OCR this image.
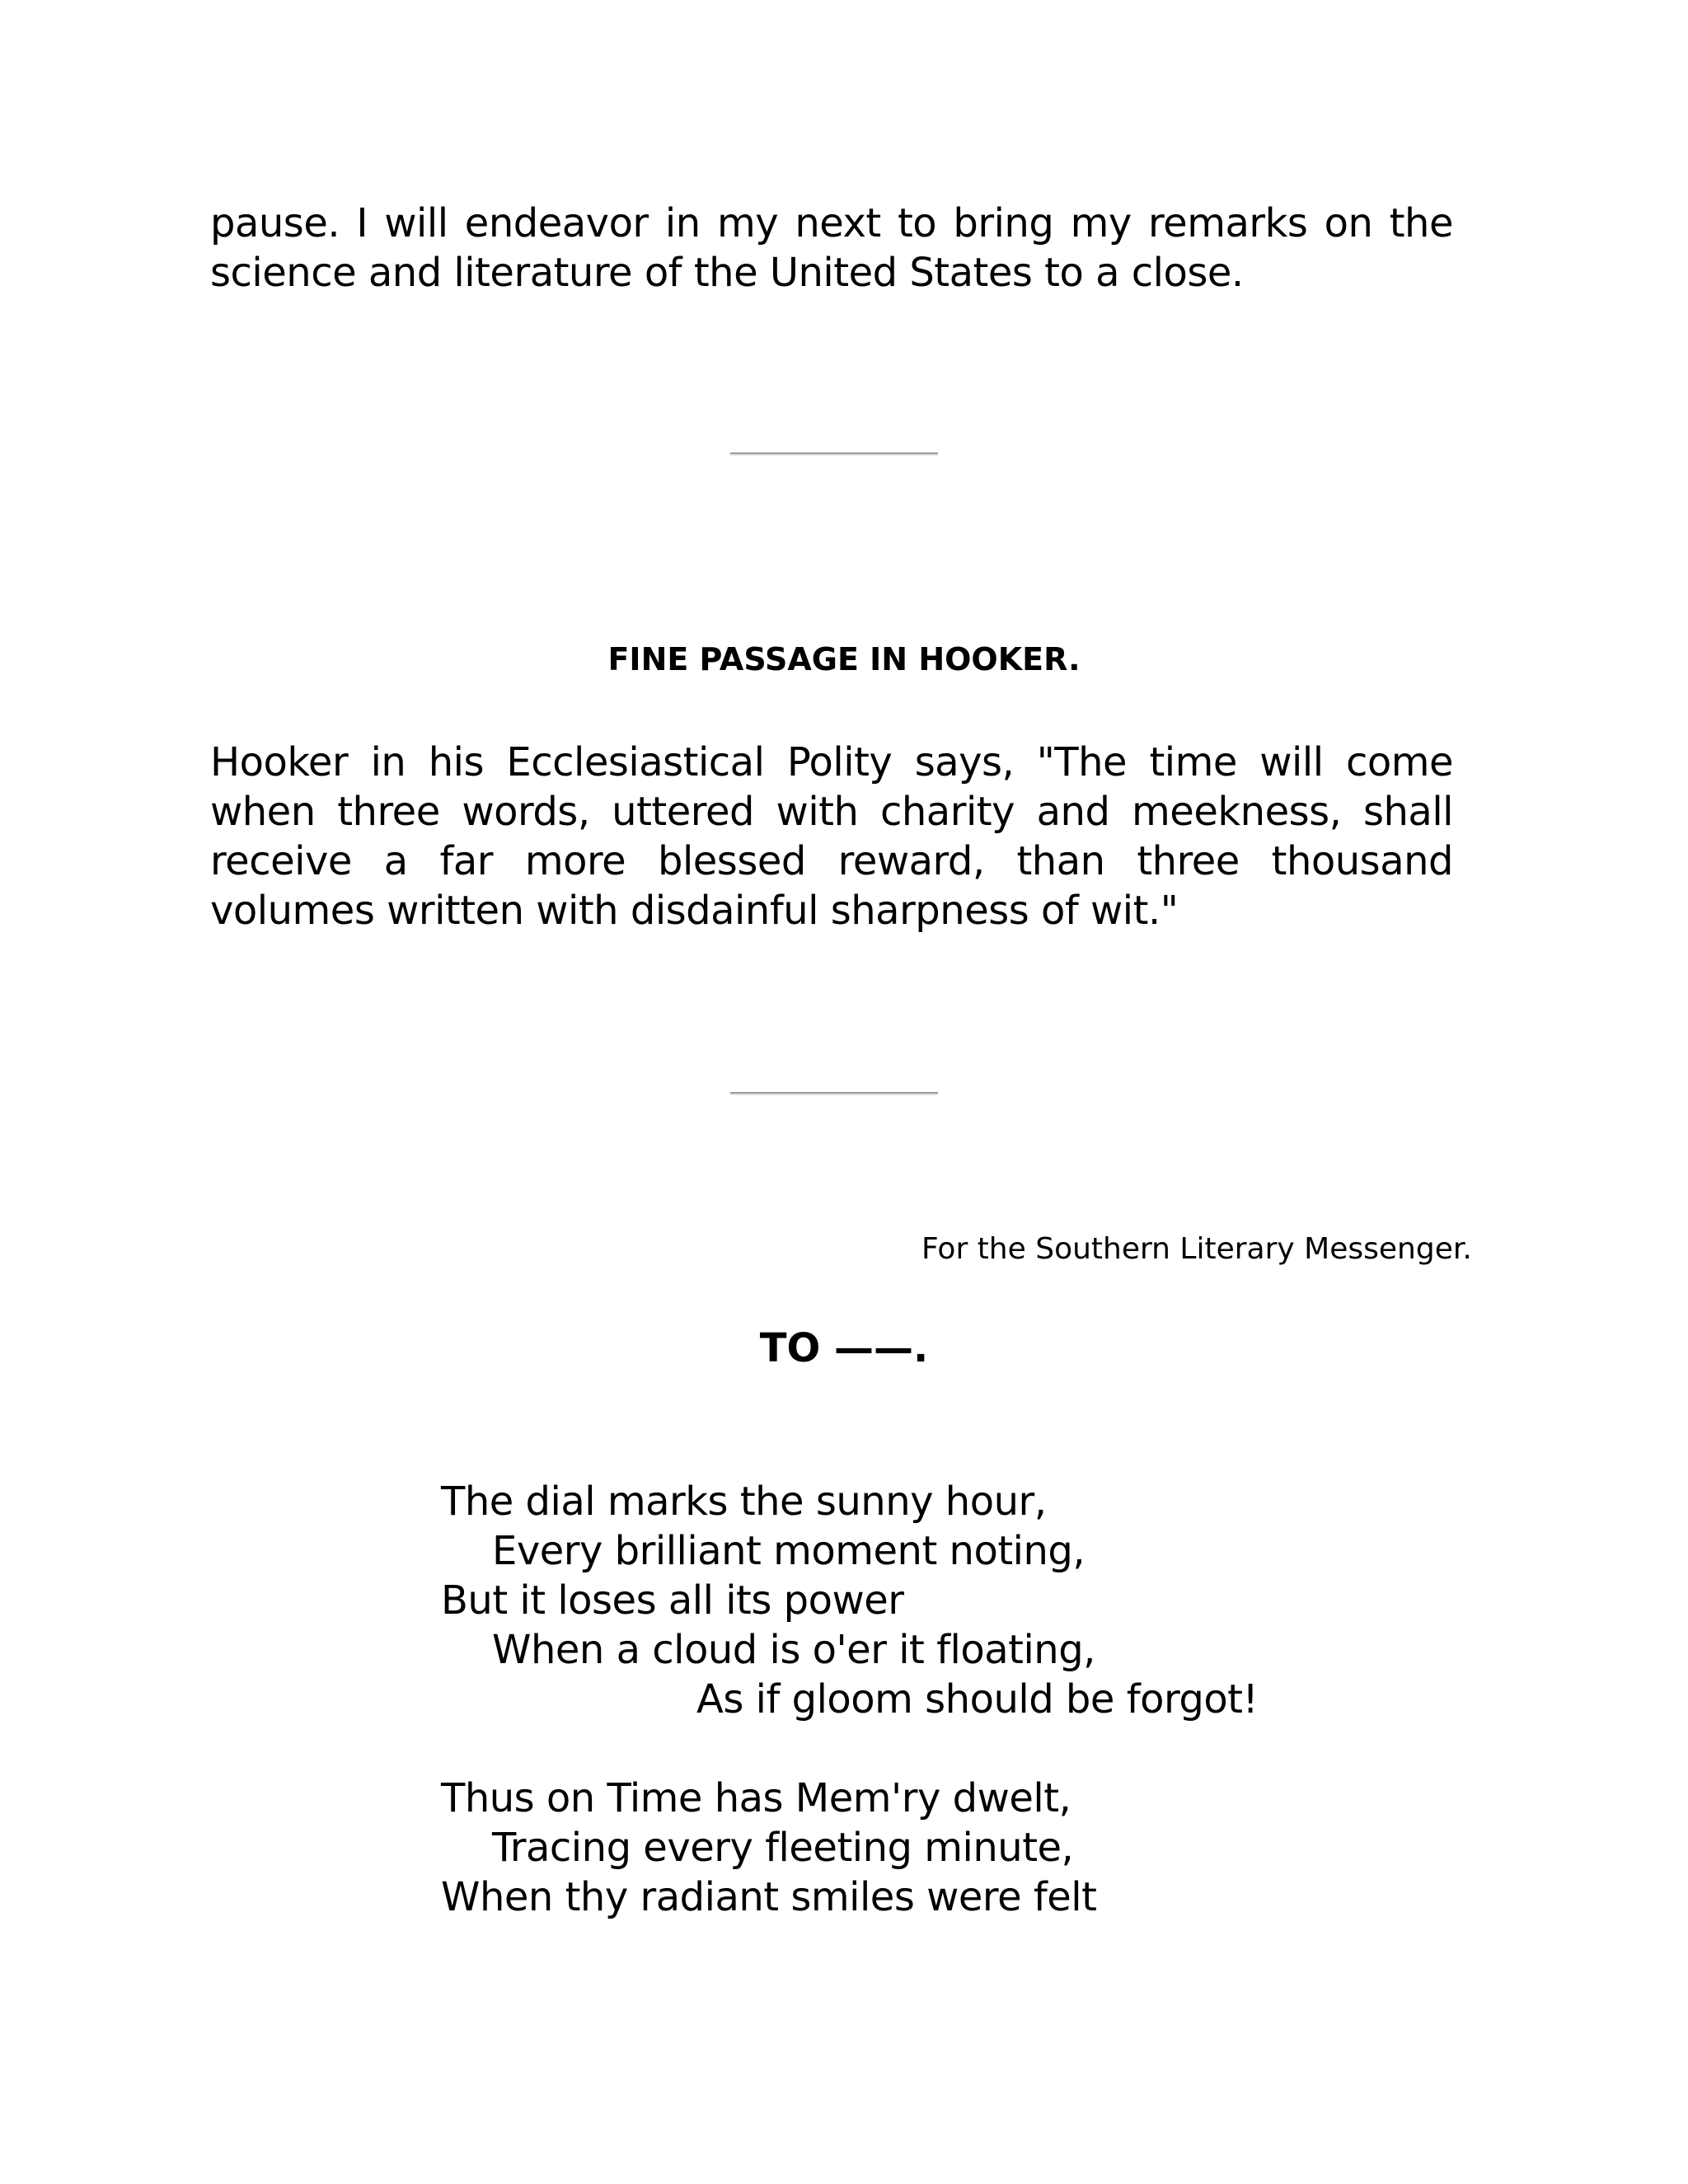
pause. I will endeavor in my next to bring my remarks on the science and literature of the United States to a close.

FINE PASSAGE IN HOOKER.

Hooker in his Ecclesiastical Polity says, "The time will come when three words, uttered with charity and meekness, shall receive a far more blessed reward, than three thousand volumes written with disdainful sharpness of wit."

For the Southern Literary Messenger.

TO ——.
The dial marks the sunny hour,
Every brilliant moment noting,
But it loses all its power
When a cloud is o'er it floating,
As if gloom should be forgot!
Thus on Time has Mem'ry dwelt,
Tracing every fleeting minute,
When thy radiant smiles were felt
